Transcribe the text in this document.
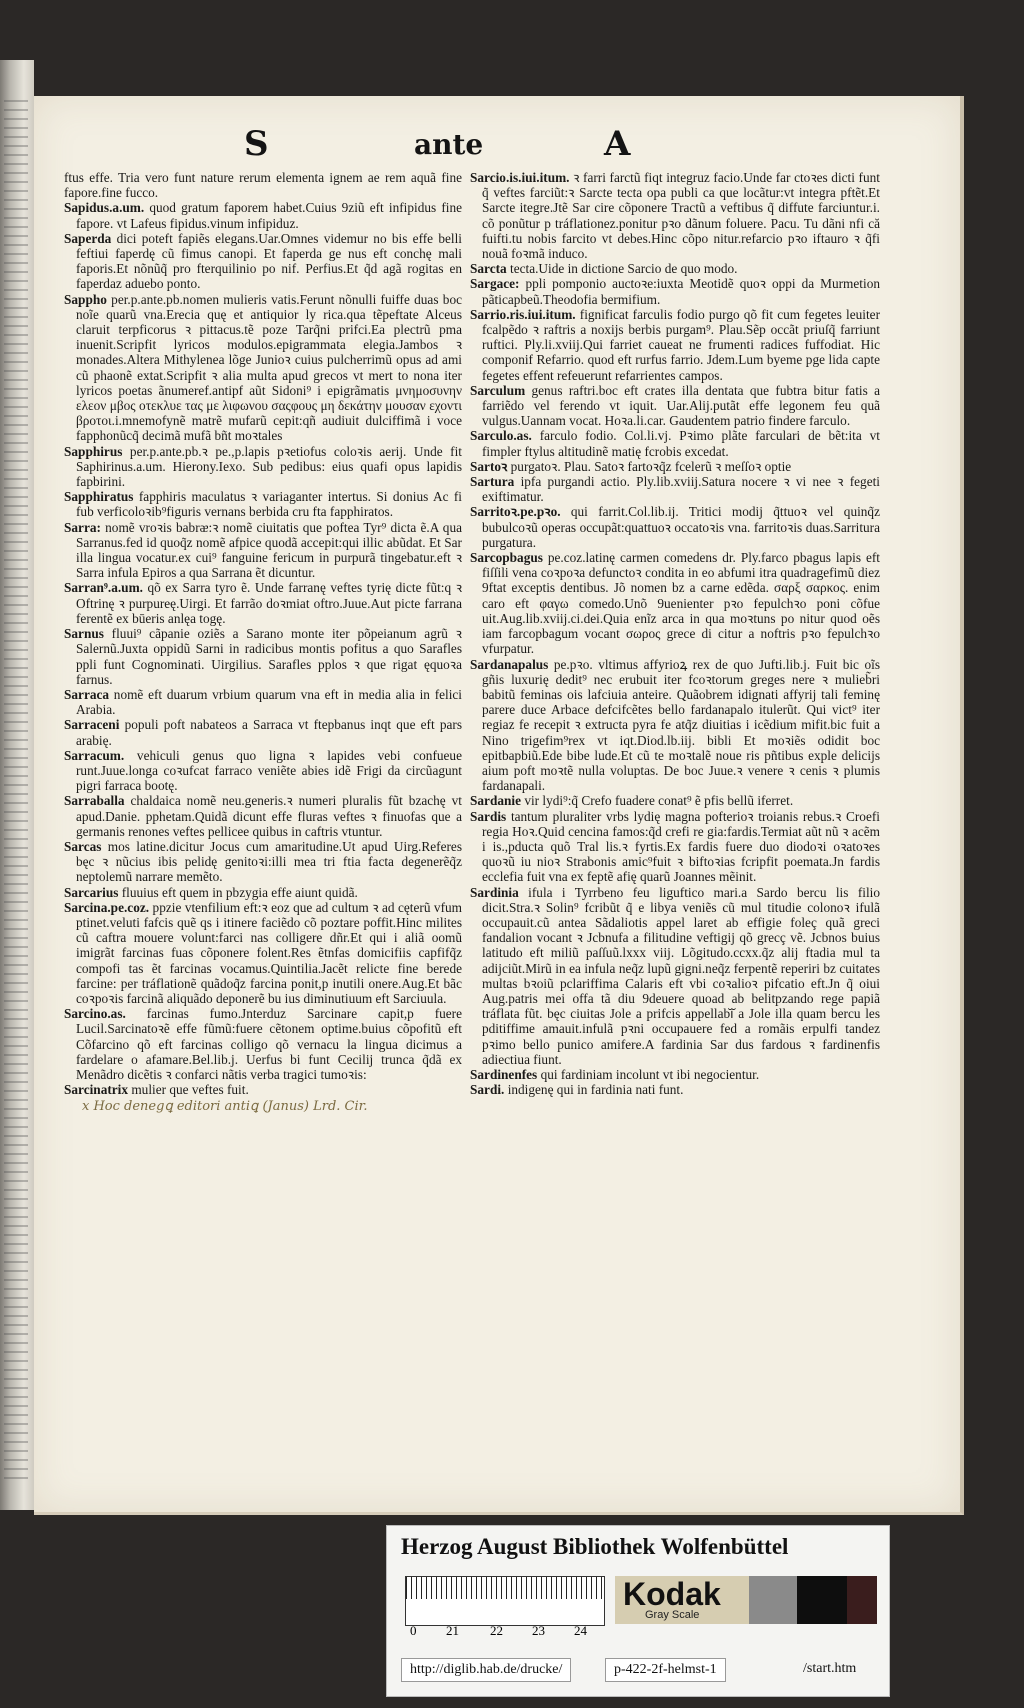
S	ante	A
ftus effe. Tria vero funt nature rerum elementa ignem ae rem aquã fine fapore.fine fucco.
Sapidus.a.um. quod gratum faporem habet.Cuius 9ziũ eft infipidus fine fapore. vt Lafeus fipidus.vinum infipiduz.
Saperda dici poteft fapiẽs elegans.Uar.Omnes videmur no bis effe belli feftiui faperdę cũ fimus canopi. Et faperda ge nus eft conchę mali faporis.Et nõnũq̃ pro fterquilinio po nif. Perfius.Et q̃d agã rogitas en faperdaz aduebo ponto.
Sappho per.p.ante.pb.nomen mulieris vatis.Ferunt nõnulli fuiffe duas boc noĩe quarũ vna.Erecia quę et antiquior ly rica.qua tẽpeftate Alceus claruit terpficorus ꝛ pittacus.tẽ poze Tarq̃ni prifci.Ea plectrũ pma inuenit.Scripfit lyricos modulos.epigrammata elegia.Jambos ꝛ monades.Altera Mithylenea lõge Junioꝛ cuius pulcherrimũ opus ad ami cũ phaonẽ extat.Scripfit ꝛ alia multa apud grecos vt mert to nona iter lyricos poetas ãnumeref.antipf aũt Sidoni⁹ i epigrãmatis μνημοσυνην ελεον μβος οτεκλυε τας με λιφωνου σαςφους μη δεκάτην μουσαν εχοντι βροτοι.i.mnemofynẽ matrẽ mufarũ cepit:qñ audiuit dulciffimã i voce fapphonũcq̃ decimã mufã bñt moꝛtales
Sapphirus per.p.ante.pb.ꝛ pe.,p.lapis pꝛetiofus coloꝛis aerij. Unde fit Saphirinus.a.um. Hierony.Iexo. Sub pedibus: eius quafi opus lapidis fapbirini.
Sapphiratus fapphiris maculatus ꝛ variaganter intertus. Si donius Ac fi fub verficoloꝛib⁹figuris vernans berbida cru fta fapphiratos.
Sarra: nomẽ vroꝛis babrᴂ:ꝛ nomẽ ciuitatis que poftea Tyr⁹ dicta ẽ.A qua Sarranus.fed id quoq̃z nomẽ afpice quodã accepit:qui illic abũdat. Et Sar illa lingua vocatur.ex cui⁹ fanguine fericum in purpurã tingebatur.eft ꝛ Sarra infula Epiros a qua Sarrana ẽt dicuntur.
Sarran⁹.a.um. qõ ex Sarra tyro ẽ. Unde farranę veftes tyrię dicte fũt:q ꝛ Oftrinę ꝛ purpureę.Uirgi. Et farrão doꝛmiat oftro.Juue.Aut picte farrana ferentẽ ex būeris anlęa togę.
Sarnus fluui⁹ cãpanie oziẽs a Sarano monte iter põpeianum agrũ ꝛ Salernũ.Juxta oppidũ Sarni in radicibus montis pofitus a quo Sarafles ppli funt Cognominati. Uirgilius. Sarafles pplos ꝛ que rigat ęquoꝛa farnus.
Sarraca nomẽ eft duarum vrbium quarum vna eft in media alia in felici Arabia.
Sarraceni populi poft nabateos a Sarraca vt ftepbanus inqt que eft pars arabię.
Sarracum. vehiculi genus quo ligna ꝛ lapides vebi confueue runt.Juue.longa coꝛufcat farraco veniẽte abies idẽ Frigi da circũagunt pigri farraca bootę.
Sarraballa chaldaica nomẽ neu.generis.ꝛ numeri pluralis fũt bzachę vt apud.Danie. pphetam.Quidã dicunt effe fluras veftes ꝛ finuofas que a germanis renones veftes pellicee quibus in caftris vtuntur.
Sarcas mos latine.dicitur Jocus cum amaritudine.Ut apud Uirg.Referes bęc ꝛ nũcius ibis pelidę genitoꝛi:illi mea tri ftia facta degenerẽq̃z neptolemũ narrare memẽto.
Sarcarius fluuius eft quem in pbzygia effe aiunt quidã.
Sarcina.pe.coz. ppzie vtenfilium eft:ꝛ eoz que ad cultum ꝛ ad cęterũ vfum ptinet.veluti fafcis quẽ qs i itinere faciẽdo cõ poztare poffit.Hinc milites cũ caftra mouere volunt:farci nas colligere dñr.Et qui i aliã oomũ imigrãt farcinas fuas cõponere folent.Res ẽtnfas domicifiis capfifq̃z compofi tas ẽt farcinas vocamus.Quintilia.Jacẽt relicte fine berede farcine: per tráflationẽ quãdoq̃z farcina ponit,p inutili onere.Aug.Et bãc coꝛpoꝛis farcinã aliquãdo deponerẽ bu ius diminutiuum eft Sarciuula.
Sarcino.as. farcinas fumo.Jnterduz Sarcinare capit,p fuere Lucil.Sarcinatoꝛẽ effe fũmũ:fuere cẽtonem optime.buius cõpofitũ eft Cõfarcino qõ eft farcinas colligo qõ vernacu la lingua dicimus a fardelare o afamare.Bel.lib.j. Uerfus bi funt Cecilij trunca q̃dã ex Menãdro dicẽtis ꝛ confarci nãtis verba tragici tumoꝛis:
Sarcinatrix mulier que veftes fuit.
x Hoc denegꝗ editori antiꝗ (Janus) Lrd. Cir.
Sarcio.is.iui.itum. ꝛ farri farctũ fiqt integruz facio.Unde far ctoꝛes dicti funt q̃ veftes farciũt:ꝛ Sarcte tecta opa publi ca que locãtur:vt integra pftẽt.Et Sarcte itegre.Jtẽ Sar cire cõponere Tractũ a veftibus q̃ diffute farciuntur.i. cõ ponũtur p tráflationez.ponitur pꝛo dãnum foluere. Pacu. Tu dãni nfi că fuifti.tu nobis farcito vt debes.Hinc cõpo nitur.refarcio pꝛo iftauro ꝛ q̃fi nouã foꝛmã induco.
Sarcta tecta.Uide in dictione Sarcio de quo modo.
Sargace: ppli pomponio auctoꝛe:iuxta Meotidẽ quoꝛ oppi da Murmetion pãticapbeũ.Theodofia bermifium.
Sarrio.ris.iui.itum. fignificat farculis fodio purgo qõ fit cum fegetes leuiter fcalpẽdo ꝛ raftris a noxijs berbis purgam⁹. Plau.Sẽp occãt priuſq̃ farriunt ruftici. Ply.li.xviij.Qui farriet caueat ne frumenti radices fuffodiat. Hic componif Refarrio. quod eft rurfus farrio. Jdem.Lum byeme pge lida capte fegetes effent refeuerunt refarrientes campos.
Sarculum genus raftri.boc eft crates illa dentata que fubtra bitur fatis a farriẽdo vel ferendo vt iquit. Uar.Alij.putãt effe legonem feu quã vulgus.Uannam vocat. Hoꝛa.li.car. Gaudentem patrio findere farculo.
Sarculo.as. farculo fodio. Col.li.vj. Pꝛimo plãte farculari de bẽt:ita vt fimpler ftylus altitudinẽ matię fcrobis excedat.
Sartoꝛ purgatoꝛ. Plau. Satoꝛ fartoꝛq̃z fcelerũ ꝛ meſſoꝛ optie
Sartura ipfa purgandi actio. Ply.lib.xviij.Satura nocere ꝛ vi nee ꝛ fegeti exiftimatur.
Sarritoꝛ.pe.pꝛo. qui farrit.Col.lib.ij. Tritici modij q̃ttuoꝛ vel quinq̃z bubulcoꝛũ operas occupãt:quattuoꝛ occatoꝛis vna. farritoꝛis duas.Sarritura purgatura.
Sarcopbagus pe.coz.latinę carmen comedens dr. Ply.farco pbagus lapis eft fiſſili vena coꝛpoꝛa defunctoꝛ condita in eo abfumi itra quadragefimũ diez 9ftat exceptis dentibus. Jõ nomen bz a carne edẽda. σαρξ σαρκος. enim caro eft φαγω comedo.Unõ 9uenienter pꝛo fepulchꝛo poni cõfue uit.Aug.lib.xviij.ci.dei.Quia enĩz arca in qua moꝛtuns po nitur quod oẽs iam farcopbagum vocant σωρος grece di citur a noftris pꝛo fepulchꝛo vfurpatur.
Sardanapalus pe.pꝛo. vltimus affyrioꝝ rex de quo Jufti.lib.j. Fuit bic oĩs gñis luxurię dedit⁹ nec erubuit iter fcoꝛtorum greges nere ꝛ mulieb̃ri babitũ feminas ois lafciuia anteire. Quãobrem idignati affyrij tali feminę parere duce Arbace defcifcẽtes bello fardanapalo itulerũt. Qui vict⁹ iter regiaz fe recepit ꝛ extructa pyra fe atq̃z diuitias i icẽdium mifit.bic fuit a Nino trigefim⁹rex vt iqt.Diod.lb.iij. bibli Et moꝛiẽs odidit boc epitbapbiũ.Ede bibe lude.Et cũ te moꝛtalẽ noue ris pñtibus exple delicijs aium poft moꝛtẽ nulla voluptas. De boc Juue.ꝛ venere ꝛ cenis ꝛ plumis fardanapali.
Sardanie vir lydi⁹:q̃ Crefo fuadere conat⁹ ẽ pfis bellũ iferret.
Sardis tantum pluraliter vrbs lydię magna pofterioꝛ troianis rebus.ꝛ Croefi regia Hoꝛ.Quid cencina famos:q̃d crefi re gia:fardis.Termiat aũt nũ ꝛ acẽm i is.,pducta quõ Tral lis.ꝛ fyrtis.Ex fardis fuere duo diodoꝛi oꝛatoꝛes quoꝛũ iu nioꝛ Strabonis amic⁹fuit ꝛ biftoꝛias fcripfit poemata.Jn fardis ecclefia fuit vna ex feptẽ afię quarũ Joannes mẽinit.
Sardinia ifula i Tyrrbeno feu liguftico mari.a Sardo bercu lis filio dicit.Stra.ꝛ Solin⁹ fcribũt q̃ e libya veniẽs cũ mul titudie colonoꝛ ifulã occupauit.cũ antea Sãdaliotis appel laret ab effigie foleç quã greci fandalion vocant ꝛ Jcbnufa a filitudine veftigij qõ grecç vẽ. Jcbnos buius latitudo eft miliũ paſſuũ.lxxx viij. Lõgitudo.ccxx.q̃z alij ftadia mul ta adijciũt.Mirũ in ea infula neq̃z lupũ gigni.neq̃z ferpentẽ reperiri bz cuitates multas bꝛoiũ pclariffima Calaris eft vbi coꝛalioꝛ pifcatio eft.Jn q̃ oiui Aug.patris mei offa tã diu 9deuere quoad ab belitpzando rege papiã tráflata fũt. bęc ciuitas Jole a prifcis appellabiᷓ a Jole illa quam bercu les pditiffime amauit.infulã pꝛni occupauere fed a romãis erpulfi tandez pꝛimo bello punico amifere.A fardinia Sar dus fardous ꝛ fardinenfis adiectiua fiunt.
Sardinenfes qui fardiniam incolunt vt ibi negocientur.
Sardi. indigenę qui in fardinia nati funt.
Herzog August Bibliothek Wolfenbüttel
0 21 22 23 24
Kodak
Gray Scale
http://diglib.hab.de/drucke/	p-422-2f-helmst-1	/start.htm
